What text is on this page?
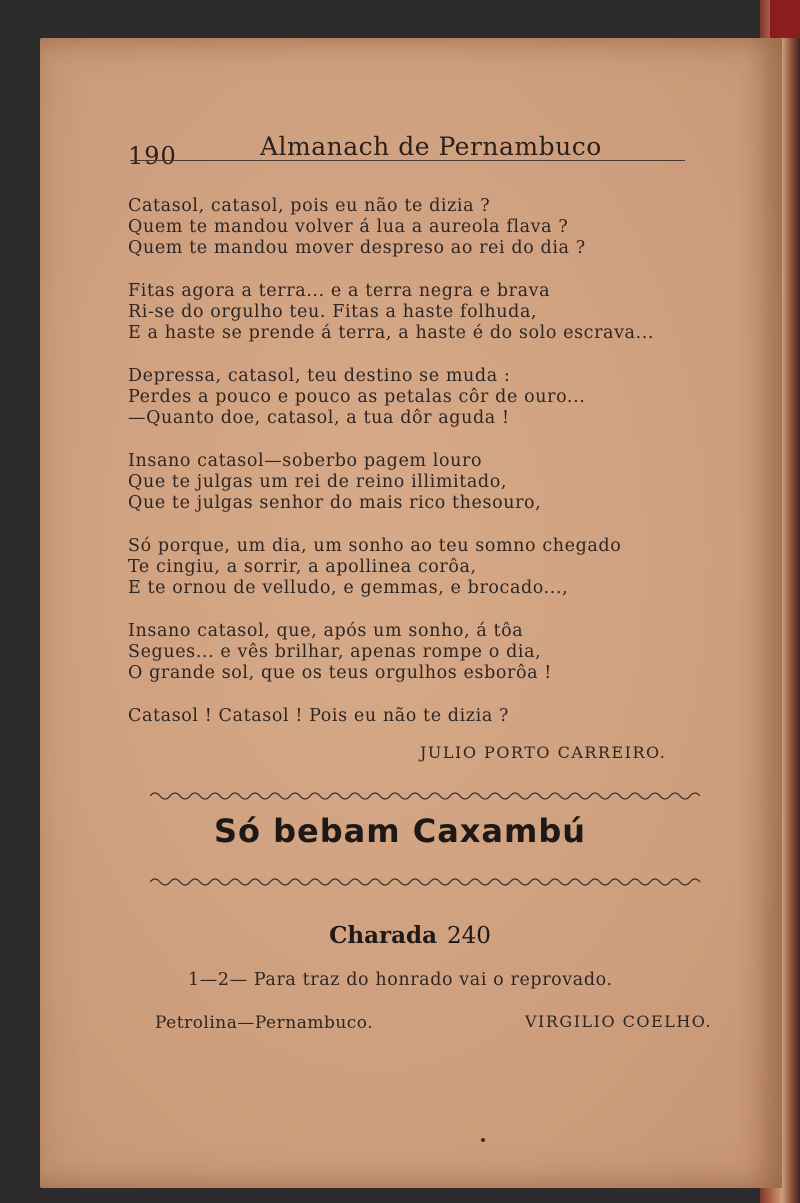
190	Almanach de Pernambuco
Catasol, catasol, pois eu não te dizia ?
Quem te mandou volver á lua a aureola flava ?
Quem te mandou mover despreso ao rei do dia ?
Fitas agora a terra... e a terra negra e brava
Ri-se do orgulho teu. Fitas a haste folhuda,
E a haste se prende á terra, a haste é do solo escrava...
Depressa, catasol, teu destino se muda :
Perdes a pouco e pouco as petalas côr de ouro...
—Quanto doe, catasol, a tua dôr aguda !
Insano catasol—soberbo pagem louro
Que te julgas um rei de reino illimitado,
Que te julgas senhor do mais rico thesouro,
Só porque, um dia, um sonho ao teu somno chegado
Te cingiu, a sorrir, a apollinea corôa,
E te ornou de velludo, e gemmas, e brocado...,
Insano catasol, que, após um sonho, á tôa
Segues... e vês brilhar, apenas rompe o dia,
O grande sol, que os teus orgulhos esborôa !
Catasol ! Catasol ! Pois eu não te dizia ?
JULIO PORTO CARREIRO.
Só bebam Caxambú
Charada 240
1—2— Para traz do honrado vai o reprovado.
Petrolina—Pernambuco.	VIRGILIO COELHO.
